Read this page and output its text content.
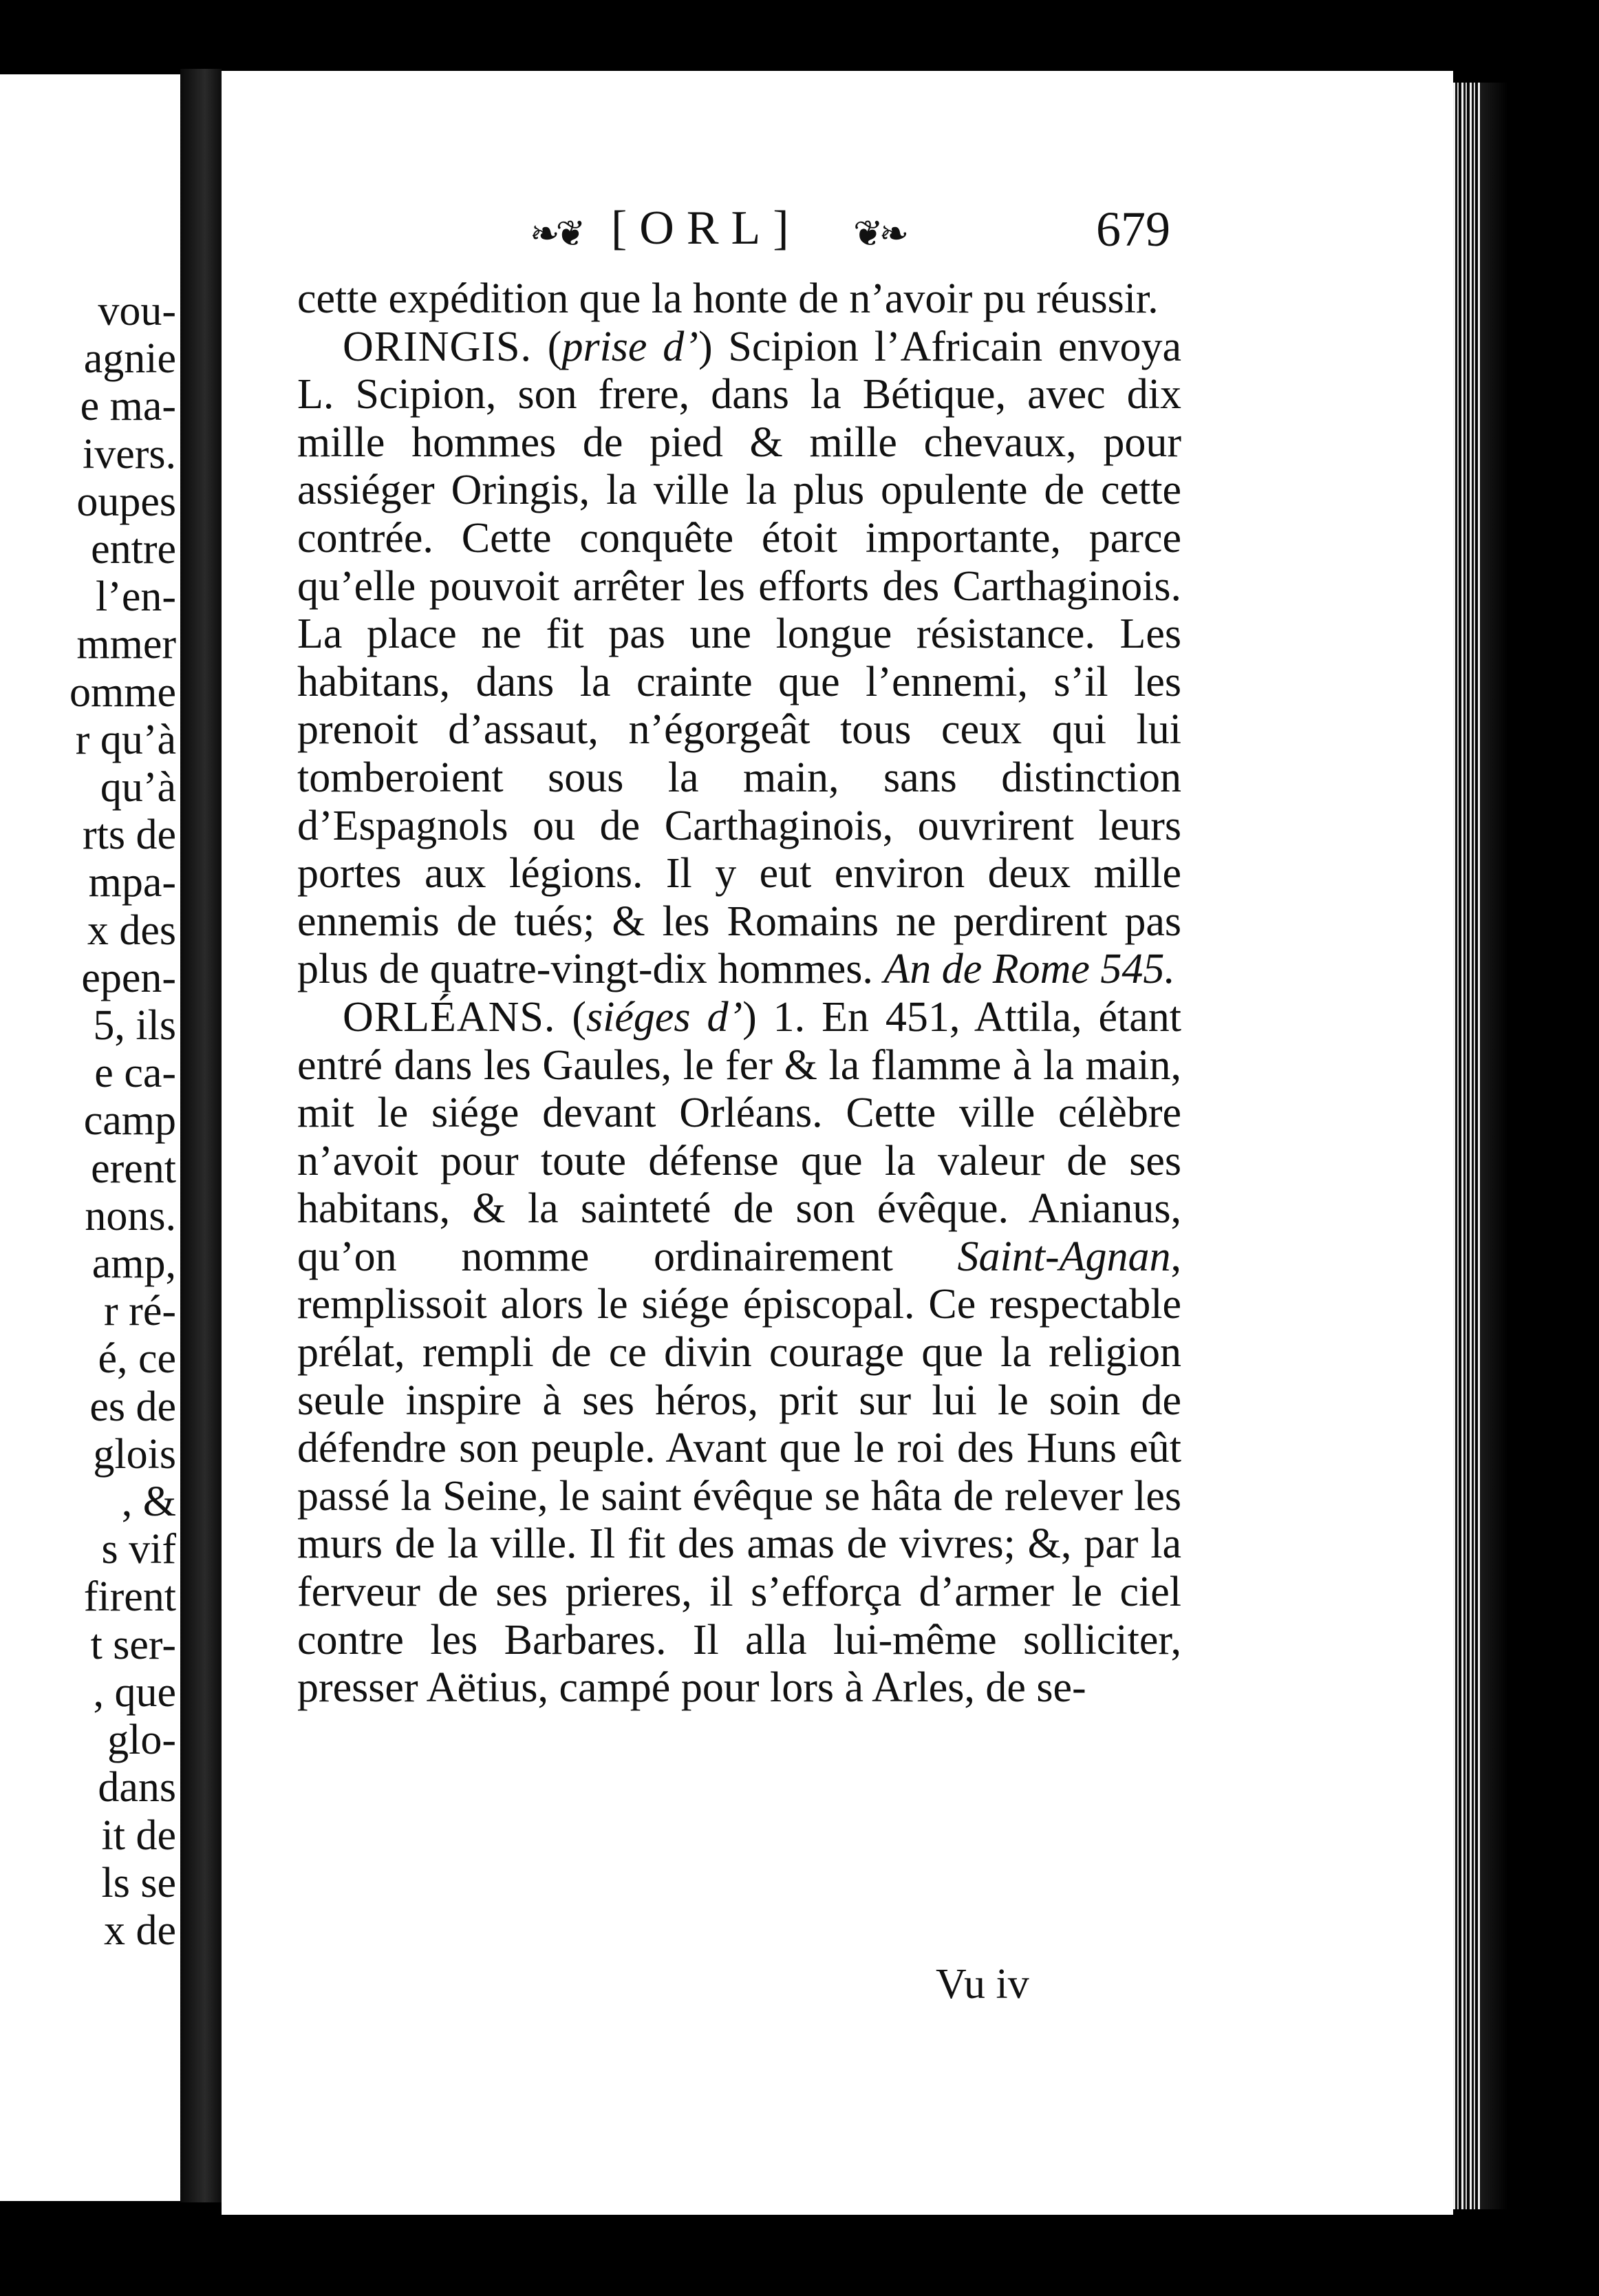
vou-
agnie
e ma-
ivers.
oupes
entre
l’en-
mmer
omme
r qu’à
qu’à
rts de
mpa-
x des
epen-
5, ils
e ca-
camp
erent
nons.
amp,
r ré-
é, ce
es de
glois
, &
s vif
firent
t ser-
, que
glo-
dans
it de
ls se
x de
❧❦ [ORL] ❦❧	679

cette expédition que la honte de n’avoir pu réussir.

ORINGIS. (prise d’) Scipion l’Africain envoya L. Scipion, son frere, dans la Bétique, avec dix mille hommes de pied & mille chevaux, pour assiéger Oringis, la ville la plus opulente de cette contrée. Cette conquête étoit importante, parce qu’elle pouvoit arrêter les efforts des Carthaginois. La place ne fit pas une longue résistance. Les habitans, dans la crainte que l’ennemi, s’il les prenoit d’assaut, n’égorgeât tous ceux qui lui tomberoient sous la main, sans distinction d’Espagnols ou de Carthaginois, ouvrirent leurs portes aux légions. Il y eut environ deux mille ennemis de tués; & les Romains ne perdirent pas plus de quatre-vingt-dix hommes. An de Rome 545.

ORLÉANS. (siéges d’) 1. En 451, Attila, étant entré dans les Gaules, le fer & la flamme à la main, mit le siége devant Orléans. Cette ville célèbre n’avoit pour toute défense que la valeur de ses habitans, & la sainteté de son évêque. Anianus, qu’on nomme ordinairement Saint-Agnan, remplissoit alors le siége épiscopal. Ce respectable prélat, rempli de ce divin courage que la religion seule inspire à ses héros, prit sur lui le soin de défendre son peuple. Avant que le roi des Huns eût passé la Seine, le saint évêque se hâta de relever les murs de la ville. Il fit des amas de vivres; &, par la ferveur de ses prieres, il s’efforça d’armer le ciel contre les Barbares. Il alla lui-même solliciter, presser Aëtius, campé pour lors à Arles, de se-

Vu iv
